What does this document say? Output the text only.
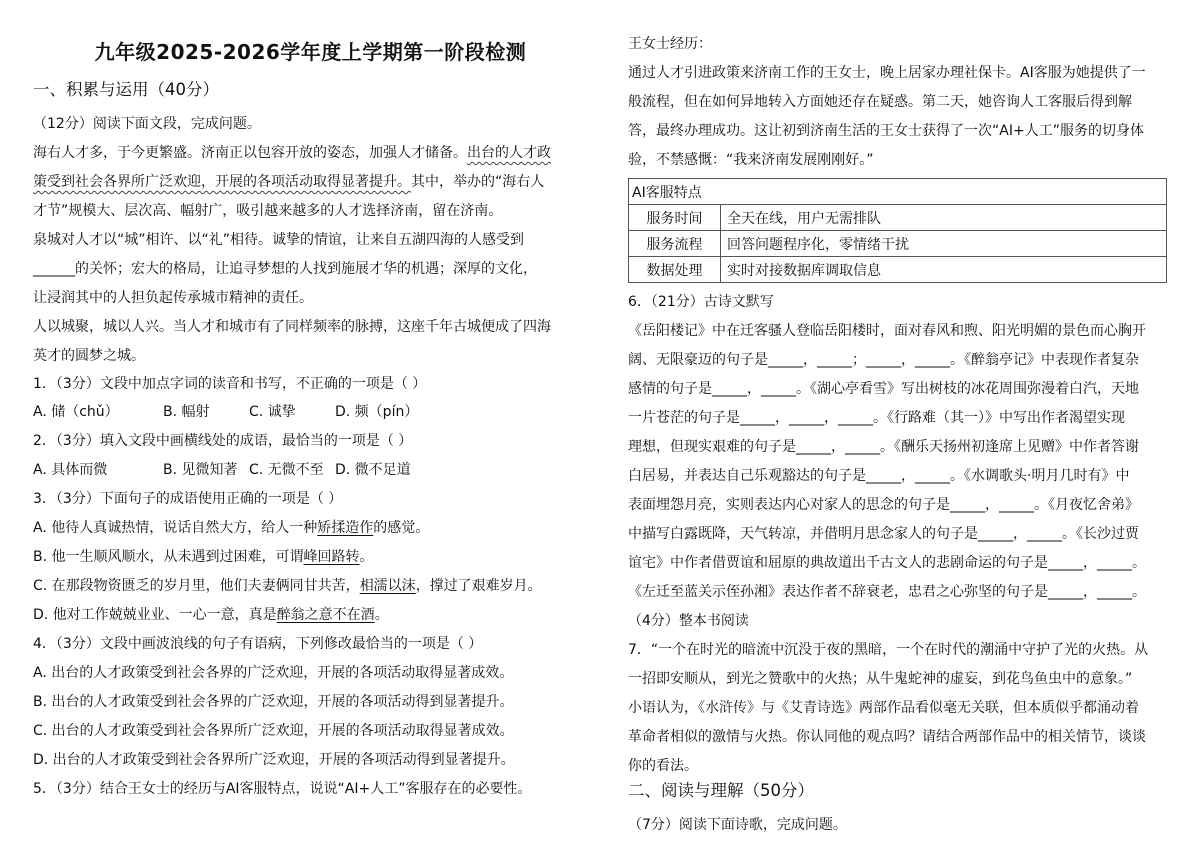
九年级2025-2026学年度上学期第一阶段检测
一、积累与运用（40分）
（12分）阅读下面文段，完成问题。
海右人才多，于今更繁盛。济南正以包容开放的姿态，加强人才储备。出台的人才政
策受到社会各界所广泛欢迎，开展的各项活动取得显著提升。其中，举办的“海右人
才节”规模大、层次高、幅射广，吸引越来越多的人才选择济南，留在济南。
泉城对人才以“城”相许、以“礼”相待。诚挚的情谊，让来自五湖四海的人感受到
______的关怀；宏大的格局，让追寻梦想的人找到施展才华的机遇；深厚的文化，
让浸润其中的人担负起传承城市精神的责任。
人以城聚，城以人兴。当人才和城市有了同样频率的脉搏，这座千年古城便成了四海
英才的圆梦之城。
1．（3分）文段中加点字词的读音和书写，不正确的一项是（ ）
A. 储（chǔ）	B. 幅射	C. 诚挚	D. 频（pín）
2．（3分）填入文段中画横线处的成语，最恰当的一项是（ ）
A. 具体而微	B. 见微知著 C. 无微不至 D. 微不足道
3．（3分）下面句子的成语使用正确的一项是（ ）
A. 他待人真诚热情，说话自然大方，给人一种矫揉造作的感觉。
B. 他一生顺风顺水，从未遇到过困难，可谓峰回路转。
C. 在那段物资匮乏的岁月里，他们夫妻俩同甘共苦，相濡以沫，撑过了艰难岁月。
D. 他对工作兢兢业业、一心一意，真是醉翁之意不在酒。
4．（3分）文段中画波浪线的句子有语病，下列修改最恰当的一项是（ ）
A. 出台的人才政策受到社会各界的广泛欢迎，开展的各项活动取得显著成效。
B. 出台的人才政策受到社会各界的广泛欢迎，开展的各项活动得到显著提升。
C. 出台的人才政策受到社会各界所广泛欢迎，开展的各项活动取得显著成效。
D. 出台的人才政策受到社会各界所广泛欢迎，开展的各项活动得到显著提升。
5．（3分）结合王女士的经历与AI客服特点，说说“AI+人工”客服存在的必要性。
王女士经历：
通过人才引进政策来济南工作的王女士，晚上居家办理社保卡。AI客服为她提供了一
般流程，但在如何异地转入方面她还存在疑惑。第二天，她咨询人工客服后得到解
答，最终办理成功。这让初到济南生活的王女士获得了一次“AI+人工”服务的切身体
验，不禁感慨：“我来济南发展刚刚好。”
AI客服特点	
服务时间	全天在线，用户无需排队
服务流程	回答问题程序化，零情绪干扰
数据处理	实时对接数据库调取信息
6．（21分）古诗文默写
《岳阳楼记》中在迁客骚人登临岳阳楼时，面对春风和煦、阳光明媚的景色而心胸开
阔、无限豪迈的句子是_____，_____；_____，_____。《醉翁亭记》中表现作者复杂
感情的句子是_____，_____。《湖心亭看雪》写出树枝的冰花周围弥漫着白汽，天地
一片苍茫的句子是_____，_____，_____。《行路难（其一）》中写出作者渴望实现
理想，但现实艰难的句子是_____，_____。《酬乐天扬州初逢席上见赠》中作者答谢
白居易，并表达自己乐观豁达的句子是_____，_____。《水调歌头·明月几时有》中
表面埋怨月亮，实则表达内心对家人的思念的句子是_____，_____。《月夜忆舍弟》
中描写白露既降，天气转凉，并借明月思念家人的句子是_____，_____。《长沙过贾
谊宅》中作者借贾谊和屈原的典故道出千古文人的悲剧命运的句子是_____，_____。
《左迁至蓝关示侄孙湘》表达作者不辞衰老，忠君之心弥坚的句子是_____，_____。
（4分）整本书阅读
7．“一个在时光的暗流中沉没于夜的黑暗，一个在时代的潮涌中守护了光的火热。从
一招即安顺从，到光之赞歌中的火热；从牛鬼蛇神的虚妄，到花鸟鱼虫中的意象。”
小语认为，《水浒传》与《艾青诗选》两部作品看似毫无关联，但本质似乎都涌动着
革命者相似的激情与火热。你认同他的观点吗？请结合两部作品中的相关情节，谈谈
你的看法。
二、阅读与理解（50分）
（7分）阅读下面诗歌，完成问题。
